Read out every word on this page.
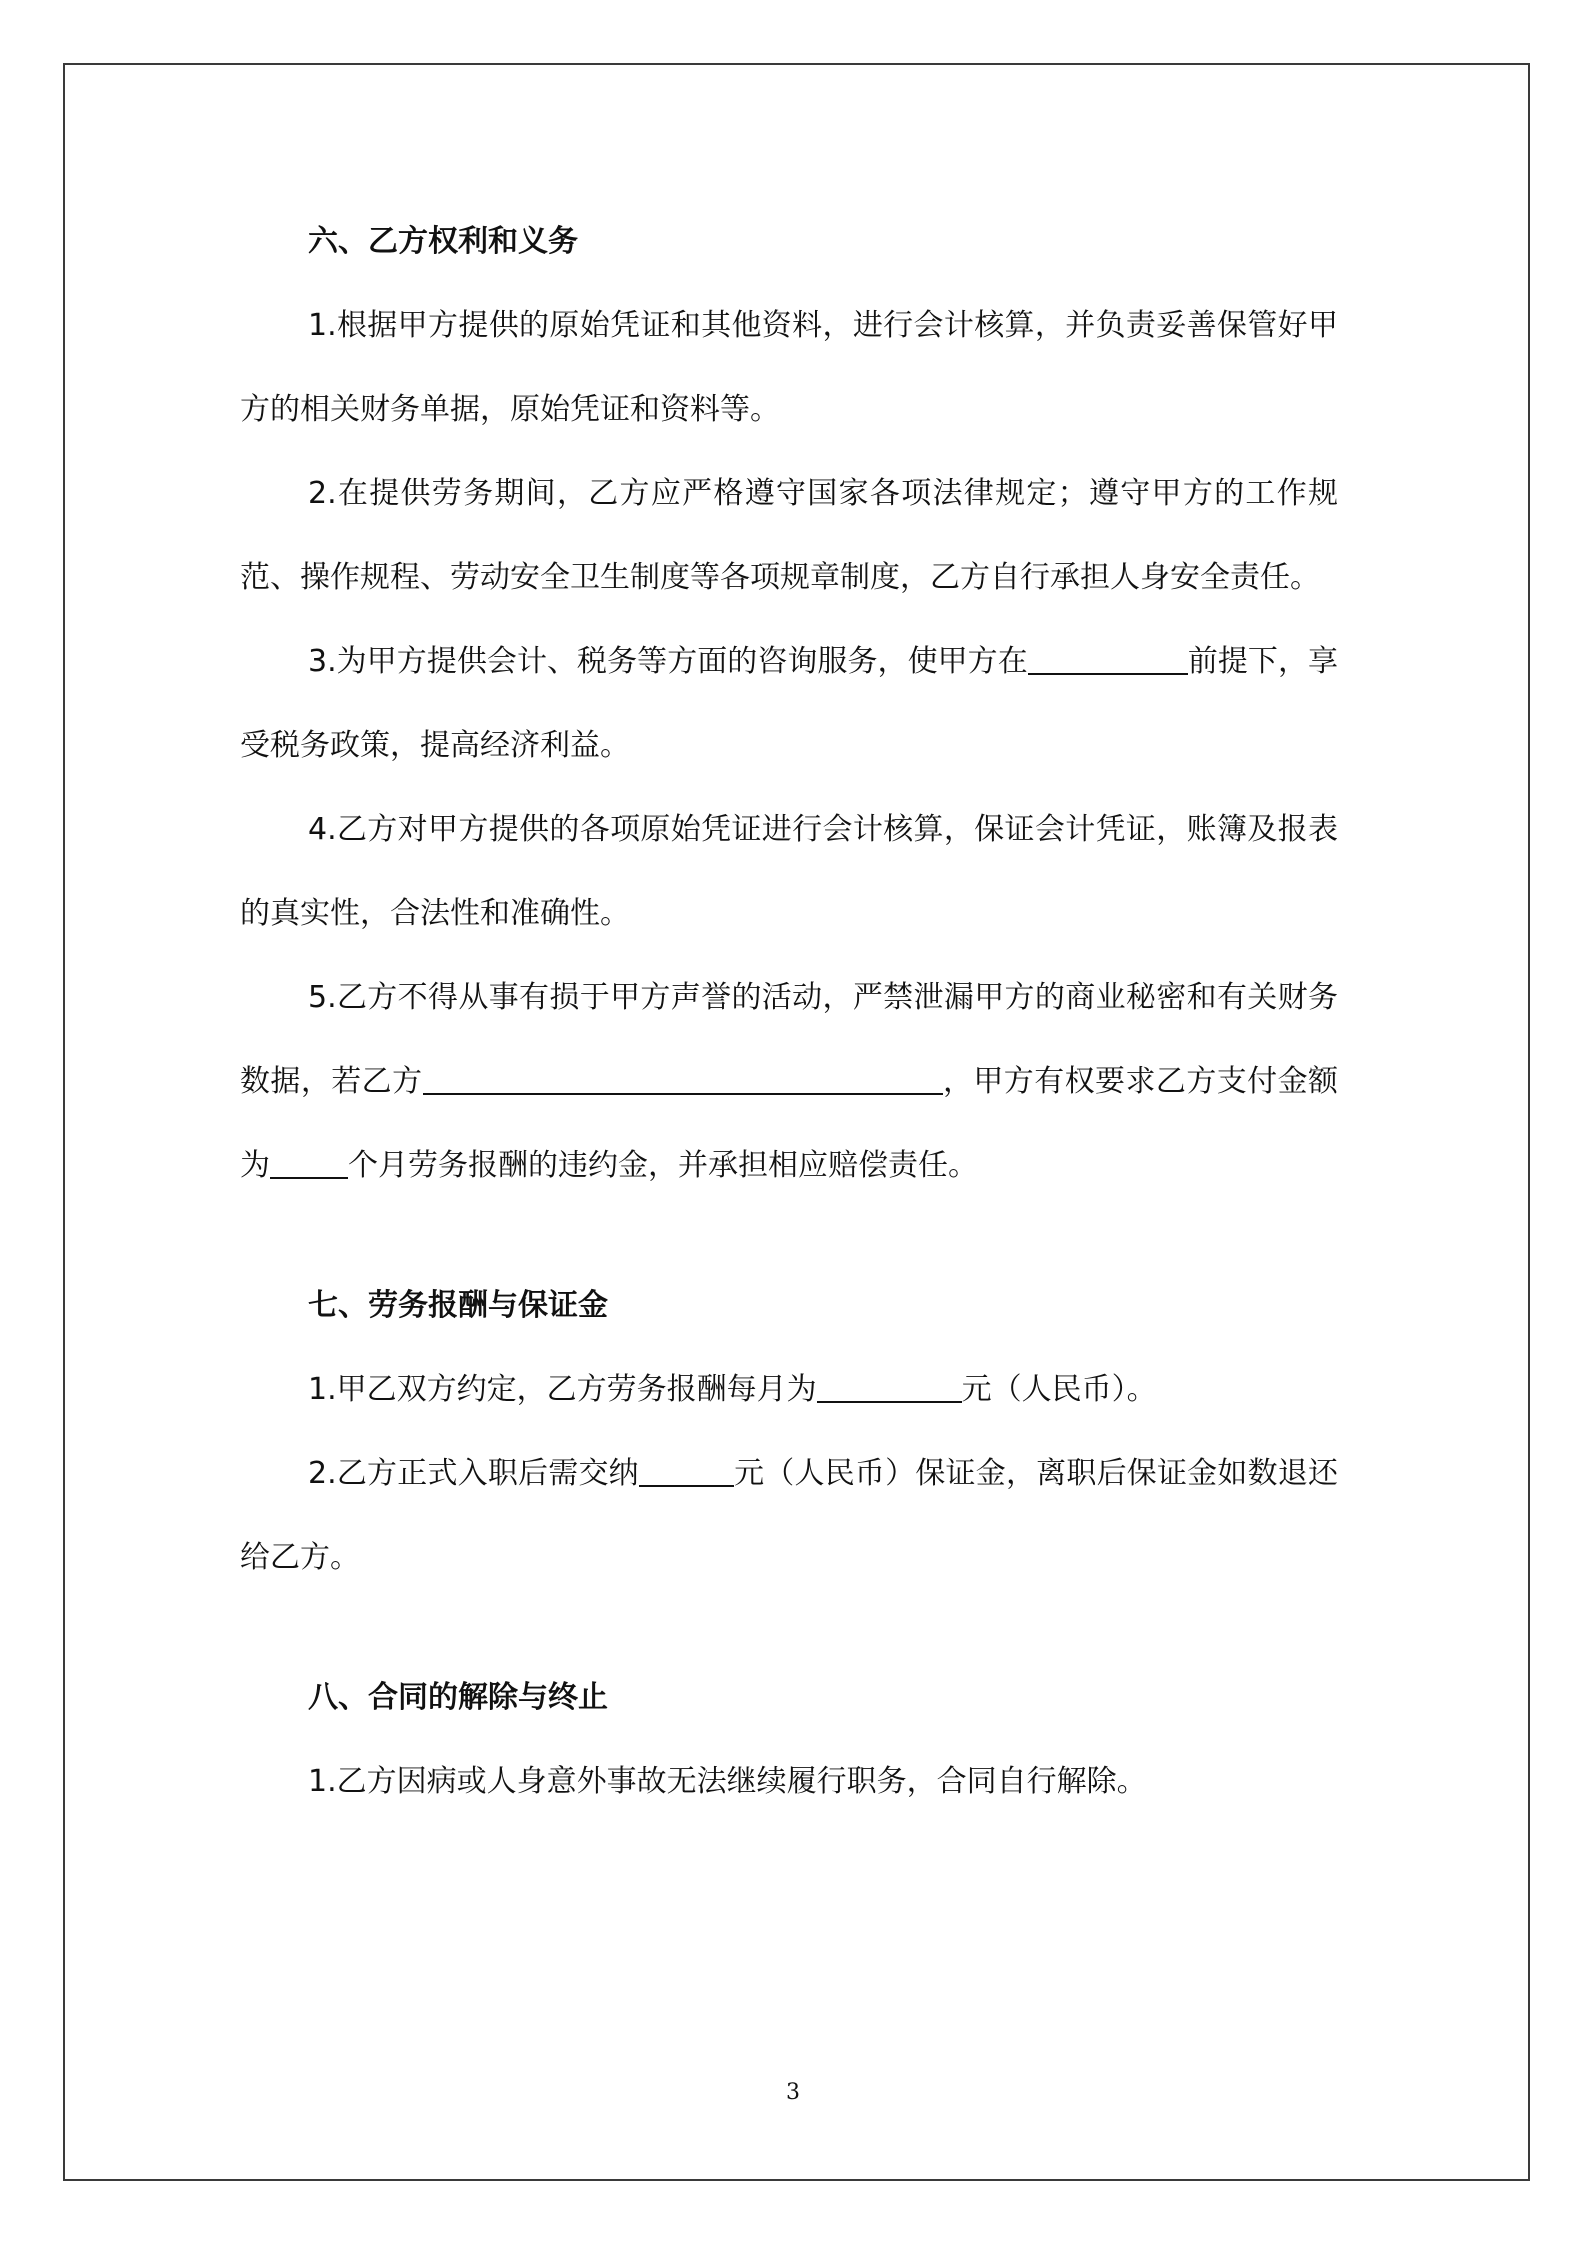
六、乙方权利和义务

1.根据甲方提供的原始凭证和其他资料，进行会计核算，并负责妥善保管好甲方的相关财务单据，原始凭证和资料等。

2.在提供劳务期间，乙方应严格遵守国家各项法律规定；遵守甲方的工作规范、操作规程、劳动安全卫生制度等各项规章制度，乙方自行承担人身安全责任。

3.为甲方提供会计、税务等方面的咨询服务，使甲方在	前提下，享受税务政策，提高经济利益。

4.乙方对甲方提供的各项原始凭证进行会计核算，保证会计凭证，账簿及报表的真实性，合法性和准确性。

5.乙方不得从事有损于甲方声誉的活动，严禁泄漏甲方的商业秘密和有关财务数据，若乙方	，甲方有权要求乙方支付金额为	个月劳务报酬的违约金，并承担相应赔偿责任。

七、劳务报酬与保证金

1.甲乙双方约定，乙方劳务报酬每月为	元（人民币）。

2.乙方正式入职后需交纳	元（人民币）保证金，离职后保证金如数退还给乙方。

八、合同的解除与终止

1.乙方因病或人身意外事故无法继续履行职务，合同自行解除。

3
